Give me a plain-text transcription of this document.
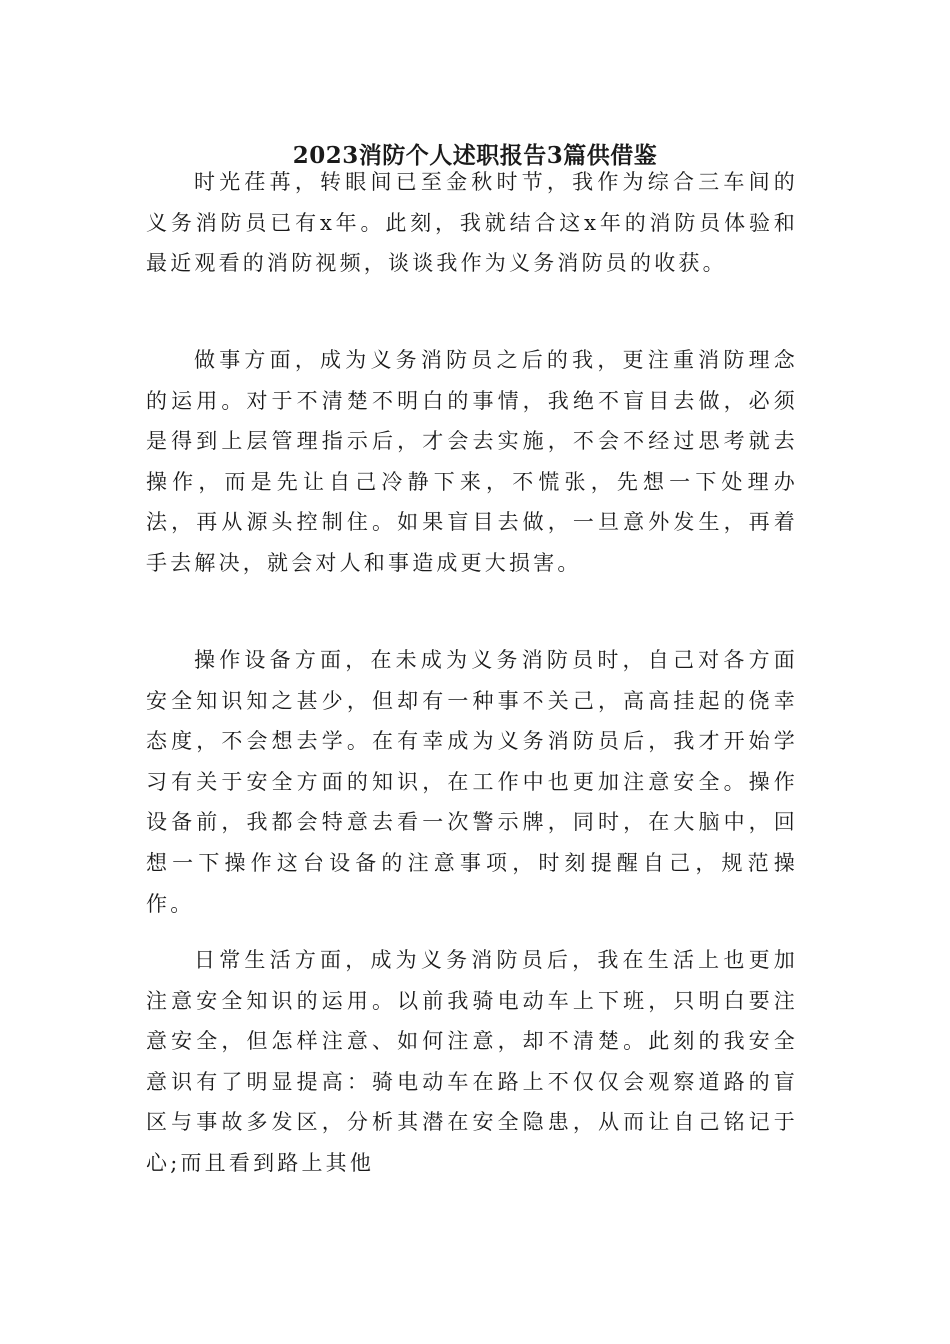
2023消防个人述职报告3篇供借鉴

时光荏苒，转眼间已至金秋时节，我作为综合三车间的义务消防员已有x年。此刻，我就结合这x年的消防员体验和最近观看的消防视频，谈谈我作为义务消防员的收获。

做事方面，成为义务消防员之后的我，更注重消防理念的运用。对于不清楚不明白的事情，我绝不盲目去做，必须是得到上层管理指示后，才会去实施，不会不经过思考就去操作，而是先让自己冷静下来，不慌张，先想一下处理办法，再从源头控制住。如果盲目去做，一旦意外发生，再着手去解决，就会对人和事造成更大损害。

操作设备方面，在未成为义务消防员时，自己对各方面安全知识知之甚少，但却有一种事不关己，高高挂起的侥幸态度，不会想去学。在有幸成为义务消防员后，我才开始学习有关于安全方面的知识，在工作中也更加注意安全。操作设备前，我都会特意去看一次警示牌，同时，在大脑中，回想一下操作这台设备的注意事项，时刻提醒自己，规范操作。

日常生活方面，成为义务消防员后，我在生活上也更加注意安全知识的运用。以前我骑电动车上下班，只明白要注意安全，但怎样注意、如何注意，却不清楚。此刻的我安全意识有了明显提高：骑电动车在路上不仅仅会观察道路的盲区与事故多发区，分析其潜在安全隐患，从而让自己铭记于心;而且看到路上其他
